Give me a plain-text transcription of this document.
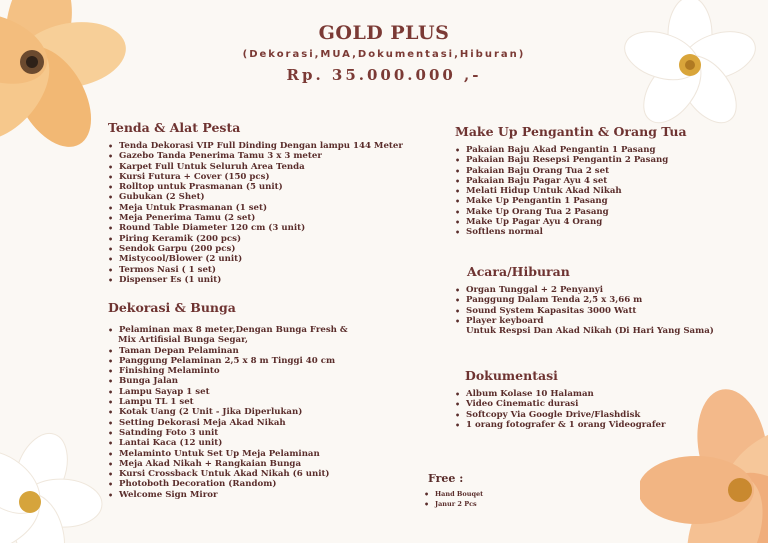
GOLD PLUS
(Dekorasi,MUA,Dokumentasi,Hiburan)
Rp. 35.000.000 ,-
Tenda & Alat Pesta
• Tenda Dekorasi VIP Full Dinding Dengan lampu 144 Meter
• Gazebo Tanda Penerima Tamu 3 x 3 meter
• Karpet Full Untuk Seluruh Area Tenda
• Kursi Futura + Cover (150 pcs)
• Rolltop untuk Prasmanan (5 unit)
• Gubukan (2 Shet)
• Meja Untuk Prasmanan (1 set)
• Meja Penerima Tamu (2 set)
• Round Table Diameter 120 cm (3 unit)
• Piring Keramik (200 pcs)
• Sendok Garpu (200 pcs)
• Mistycool/Blower (2 unit)
• Termos Nasi ( 1 set)
• Dispenser Es (1 unit)
Dekorasi & Bunga
• Pelaminan max 8 meter,Dengan Bunga Fresh &
Mix Artifisial Bunga Segar,
• Taman Depan Pelaminan
• Panggung Pelaminan 2,5 x 8 m Tinggi 40 cm
• Finishing Melaminto
• Bunga Jalan
• Lampu Sayap 1 set
• Lampu TL 1 set
• Kotak Uang (2 Unit - Jika Diperlukan)
• Setting Dekorasi Meja Akad Nikah
• Satnding Foto 3 unit
• Lantai Kaca (12 unit)
• Melaminto Untuk Set Up Meja Pelaminan
• Meja Akad Nikah + Rangkaian Bunga
• Kursi Crossback Untuk Akad Nikah (6 unit)
• Photoboth Decoration (Random)
• Welcome Sign Miror
Make Up Pengantin & Orang Tua
• Pakaian Baju Akad Pengantin 1 Pasang
• Pakaian Baju Resepsi Pengantin 2 Pasang
• Pakaian Baju Orang Tua 2 set
• Pakaian Baju Pagar Ayu 4 set
• Melati Hidup Untuk Akad Nikah
• Make Up Pengantin 1 Pasang
• Make Up Orang Tua 2 Pasang
• Make Up Pagar Ayu 4 Orang
• Softlens normal
Acara/Hiburan
• Organ Tunggal + 2 Penyanyi
• Panggung Dalam Tenda 2,5 x 3,66 m
• Sound System Kapasitas 3000 Watt
• Player keyboard
Untuk Respsi Dan Akad Nikah (Di Hari Yang Sama)
Dokumentasi
• Album Kolase 10 Halaman
• Video Cinematic durasi
• Softcopy Via Google Drive/Flashdisk
• 1 orang fotografer & 1 orang Videografer
Free :
• Hand Bouqet
• Janur 2 Pcs
